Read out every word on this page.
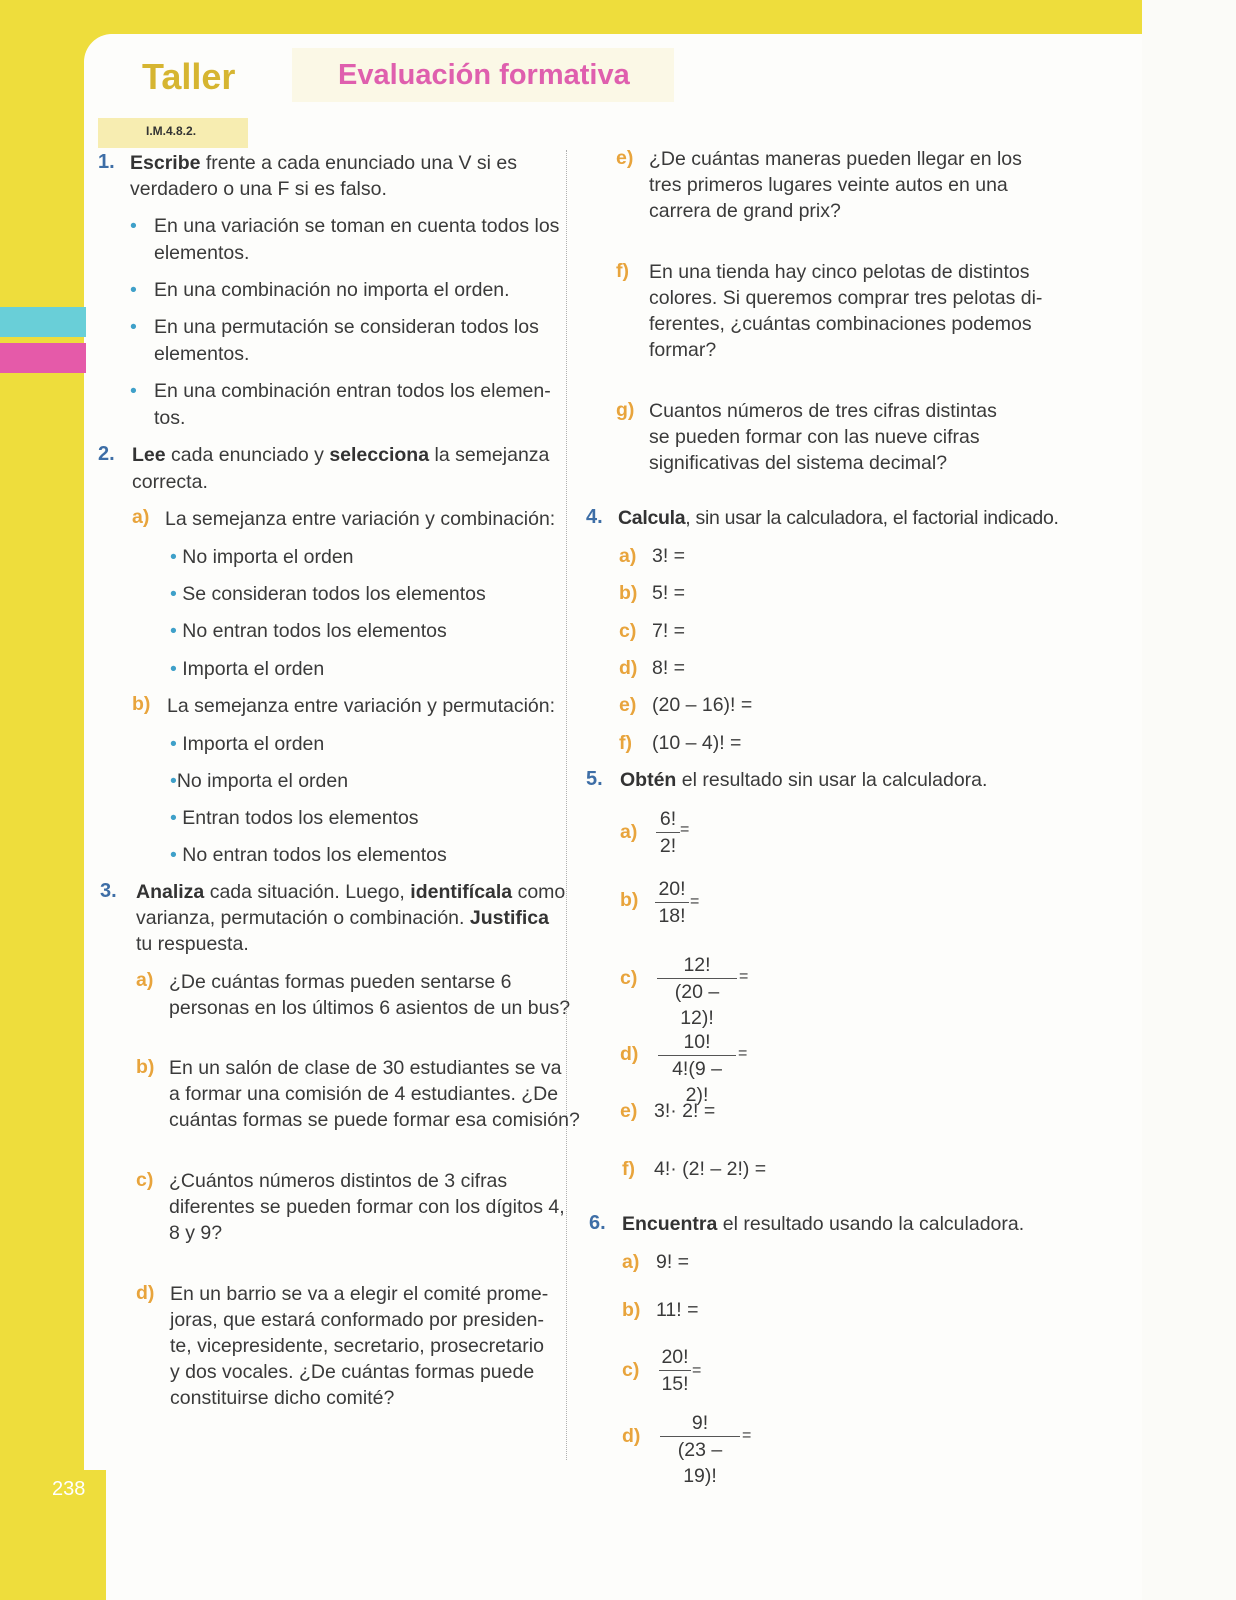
238
Taller	Evaluación formativa
I.M.4.8.2.
1. Escribe frente a cada enunciado una V si es
verdadero o una F si es falso.
• En una variación se toman en cuenta todos los
elementos.
• En una combinación no importa el orden.
• En una permutación se consideran todos los
elementos.
• En una combinación entran todos los elemen-
tos.
2. Lee cada enunciado y selecciona la semejanza
correcta.
a) La semejanza entre variación y combinación:
• No importa el orden
• Se consideran todos los elementos
• No entran todos los elementos
• Importa el orden
b) La semejanza entre variación y permutación:
• Importa el orden
•No importa el orden
• Entran todos los elementos
• No entran todos los elementos
3. Analiza cada situación. Luego, identifícala como
varianza, permutación o combinación. Justifica
tu respuesta.
a) ¿De cuántas formas pueden sentarse 6
personas en los últimos 6 asientos de un bus?
b) En un salón de clase de 30 estudiantes se va
a formar una comisión de 4 estudiantes. ¿De
cuántas formas se puede formar esa comisión?
c) ¿Cuántos números distintos de 3 cifras
diferentes se pueden formar con los dígitos 4,
8 y 9?
d) En un barrio se va a elegir el comité prome-
joras, que estará conformado por presiden-
te, vicepresidente, secretario, prosecretario
y dos vocales. ¿De cuántas formas puede
constituirse dicho comité?
e) ¿De cuántas maneras pueden llegar en los
tres primeros lugares veinte autos en una
carrera de grand prix?
f) En una tienda hay cinco pelotas de distintos
colores. Si queremos comprar tres pelotas di-
ferentes, ¿cuántas combinaciones podemos
formar?
g) Cuantos números de tres cifras distintas
se pueden formar con las nueve cifras
significativas del sistema decimal?
4. Calcula, sin usar la calculadora, el factorial indicado.
a) 3! =
b) 5! =
c) 7! =
d) 8! =
e) (20 – 16)! =
f) (10 – 4)! =
5. Obtén el resultado sin usar la calculadora.
$a) \frac{6!}{2!}$ =
$b) \frac{20!}{18!}$ =
$c) \frac{12!}{(20 - 12)!}$ =
$d) \frac{10!}{4!(9 - 2)!}$ =
e) 3!· 2! =
f) 4!· (2! – 2!) =
6. Encuentra el resultado usando la calculadora.
a) 9! =
b) 11! =
$c) \frac{20!}{15!}$ =
$d) \frac{9!}{(23 - 19)!}$ =
